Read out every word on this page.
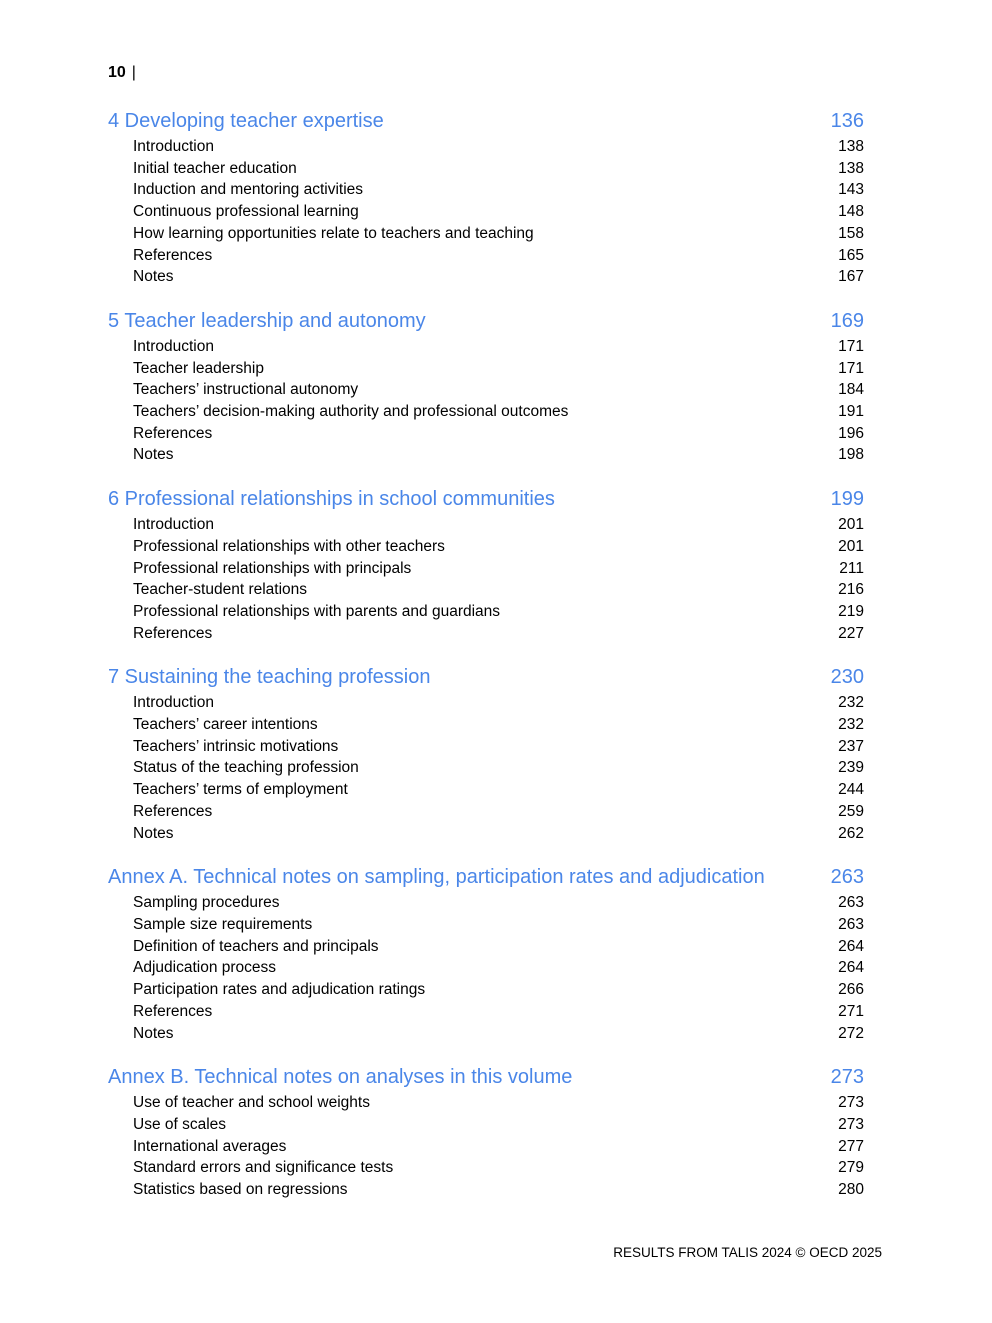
10 |
4 Developing teacher expertise	136
Introduction	138
Initial teacher education	138
Induction and mentoring activities	143
Continuous professional learning	148
How learning opportunities relate to teachers and teaching	158
References	165
Notes	167
5 Teacher leadership and autonomy	169
Introduction	171
Teacher leadership	171
Teachers’ instructional autonomy	184
Teachers’ decision-making authority and professional outcomes	191
References	196
Notes	198
6 Professional relationships in school communities	199
Introduction	201
Professional relationships with other teachers	201
Professional relationships with principals	211
Teacher-student relations	216
Professional relationships with parents and guardians	219
References	227
7 Sustaining the teaching profession	230
Introduction	232
Teachers’ career intentions	232
Teachers’ intrinsic motivations	237
Status of the teaching profession	239
Teachers’ terms of employment	244
References	259
Notes	262
Annex A. Technical notes on sampling, participation rates and adjudication	263
Sampling procedures	263
Sample size requirements	263
Definition of teachers and principals	264
Adjudication process	264
Participation rates and adjudication ratings	266
References	271
Notes	272
Annex B. Technical notes on analyses in this volume	273
Use of teacher and school weights	273
Use of scales	273
International averages	277
Standard errors and significance tests	279
Statistics based on regressions	280
RESULTS FROM TALIS 2024 © OECD 2025
